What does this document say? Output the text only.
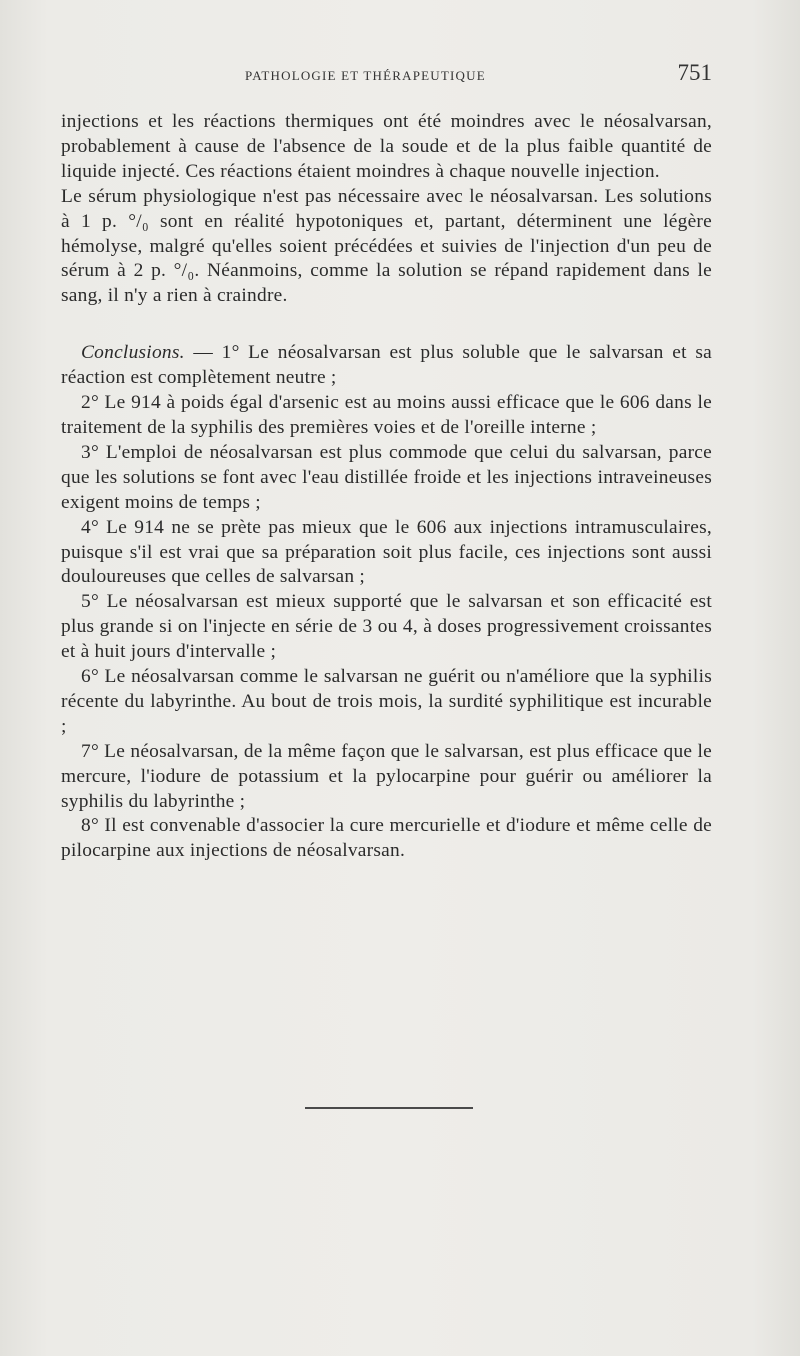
PATHOLOGIE ET THÉRAPEUTIQUE	751

injections et les réactions thermiques ont été moindres avec le néosalvarsan, probablement à cause de l'absence de la soude et de la plus faible quantité de liquide injecté. Ces réactions étaient moindres à chaque nouvelle injection.

Le sérum physiologique n'est pas nécessaire avec le néosalvarsan. Les solutions à 1 p. °/₀ sont en réalité hypotoniques et, partant, déterminent une légère hémolyse, malgré qu'elles soient précédées et suivies de l'injection d'un peu de sérum à 2 p. °/₀. Néanmoins, comme la solution se répand rapidement dans le sang, il n'y a rien à craindre.

Conclusions. — 1° Le néosalvarsan est plus soluble que le salvarsan et sa réaction est complètement neutre ;

2° Le 914 à poids égal d'arsenic est au moins aussi efficace que le 606 dans le traitement de la syphilis des premières voies et de l'oreille interne ;

3° L'emploi de néosalvarsan est plus commode que celui du salvarsan, parce que les solutions se font avec l'eau distillée froide et les injections intraveineuses exigent moins de temps ;

4° Le 914 ne se prète pas mieux que le 606 aux injections intramusculaires, puisque s'il est vrai que sa préparation soit plus facile, ces injections sont aussi douloureuses que celles de salvarsan ;

5° Le néosalvarsan est mieux supporté que le salvarsan et son efficacité est plus grande si on l'injecte en série de 3 ou 4, à doses progressivement croissantes et à huit jours d'intervalle ;

6° Le néosalvarsan comme le salvarsan ne guérit ou n'améliore que la syphilis récente du labyrinthe. Au bout de trois mois, la surdité syphilitique est incurable ;

7° Le néosalvarsan, de la même façon que le salvarsan, est plus efficace que le mercure, l'iodure de potassium et la pylocarpine pour guérir ou améliorer la syphilis du labyrinthe ;

8° Il est convenable d'associer la cure mercurielle et d'iodure et même celle de pilocarpine aux injections de néosalvarsan.
